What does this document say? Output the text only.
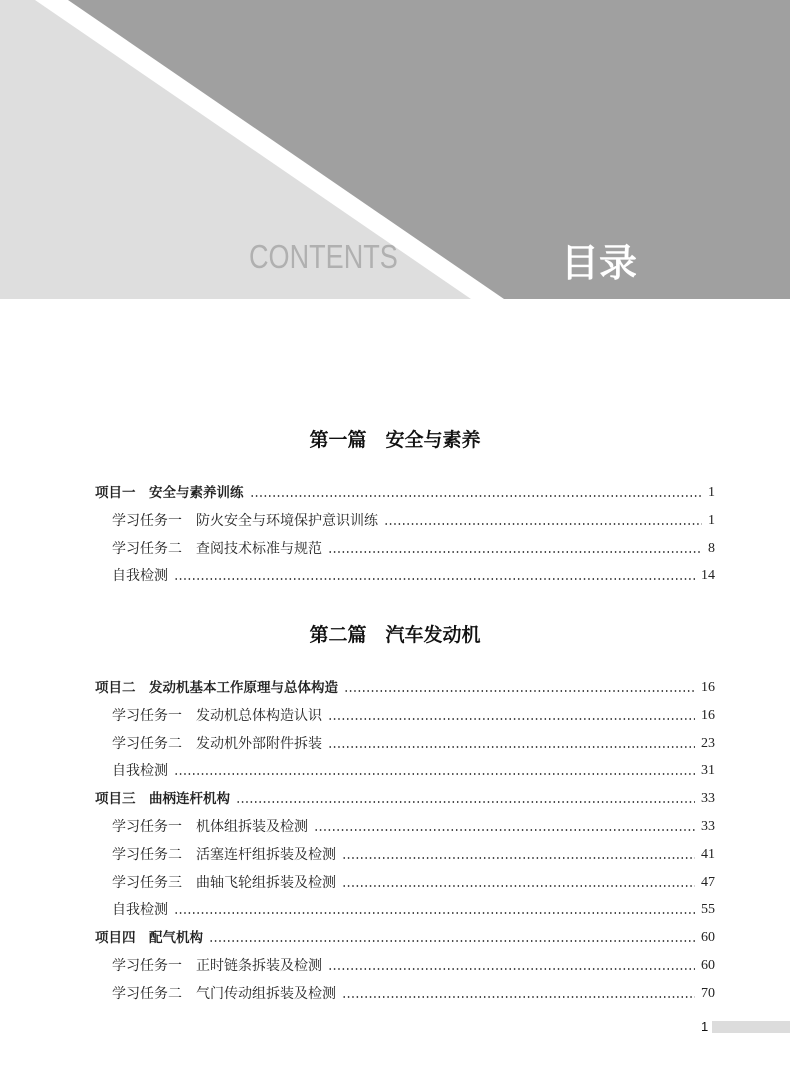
CONTENTS	目录
第一篇　安全与素养
项目一　安全与素养训练	1
学习任务一　防火安全与环境保护意识训练	1
学习任务二　查阅技术标准与规范	8
自我检测	14
第二篇　汽车发动机
项目二　发动机基本工作原理与总体构造	16
学习任务一　发动机总体构造认识	16
学习任务二　发动机外部附件拆装	23
自我检测	31
项目三　曲柄连杆机构	33
学习任务一　机体组拆装及检测	33
学习任务二　活塞连杆组拆装及检测	41
学习任务三　曲轴飞轮组拆装及检测	47
自我检测	55
项目四　配气机构	60
学习任务一　正时链条拆装及检测	60
学习任务二　气门传动组拆装及检测	70
1
